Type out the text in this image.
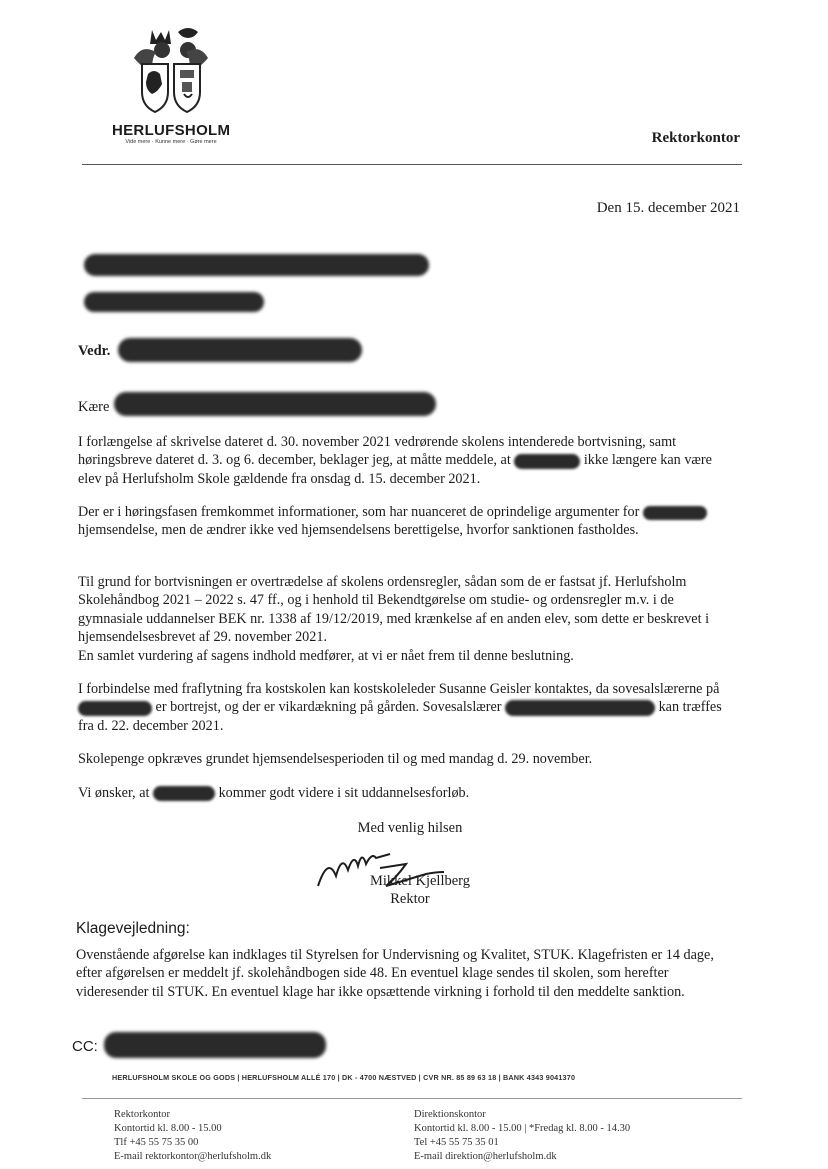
HERLUFSHOLM
Vide mere · Kunne mere · Gøre mere	Rektorkontor
Den 15. december 2021
Vedr.
Kære
I forlængelse af skrivelse dateret d. 30. november 2021 vedrørende skolens intenderede bortvisning, samt høringsbreve dateret d. 3. og 6. december, beklager jeg, at måtte meddele, at	ikke længere kan være elev på Herlufsholm Skole gældende fra onsdag d. 15. december 2021.
Der er i høringsfasen fremkommet informationer, som har nuanceret de oprindelige argumenter for  hjemsendelse, men de ændrer ikke ved hjemsendelsens berettigelse, hvorfor sanktionen fastholdes.
Til grund for bortvisningen er overtrædelse af skolens ordensregler, sådan som de er fastsat jf. Herlufsholm Skolehåndbog 2021 – 2022 s. 47 ff., og i henhold til Bekendtgørelse om studie- og ordensregler m.v. i de gymnasiale uddannelser BEK nr. 1338 af 19/12/2019, med krænkelse af en anden elev, som dette er beskrevet i hjemsendelsesbrevet af 29. november 2021.
En samlet vurdering af sagens indhold medfører, at vi er nået frem til denne beslutning.
I forbindelse med fraflytning fra kostskolen kan kostskoleleder Susanne Geisler kontaktes, da sovesalslærerne på  er bortrejst, og der er vikardækning på gården. Sovesalslærer	kan træffes fra d. 22. december 2021.
Skolepenge opkræves grundet hjemsendelsesperioden til og med mandag d. 29. november.
Vi ønsker, at	kommer godt videre i sit uddannelsesforløb.
Med venlig hilsen
Mikkel Kjellberg
Rektor
Klagevejledning:
Ovenstående afgørelse kan indklages til Styrelsen for Undervisning og Kvalitet, STUK. Klagefristen er 14 dage, efter afgørelsen er meddelt jf. skolehåndbogen side 48. En eventuel klage sendes til skolen, som herefter videresender til STUK. En eventuel klage har ikke opsættende virkning i forhold til den meddelte sanktion.
CC:
HERLUFSHOLM SKOLE OG GODS | HERLUFSHOLM ALLÉ 170 | DK - 4700 NÆSTVED | CVR NR. 85 89 63 18 | BANK 4343 9041370
Rektorkontor
Kontortid kl. 8.00 - 15.00
Tlf +45 55 75 35 00
E-mail rektorkontor@herlufsholm.dk
Direktionskontor
Kontortid kl. 8.00 - 15.00 | *Fredag kl. 8.00 - 14.30
Tel +45 55 75 35 01
E-mail direktion@herlufsholm.dk
